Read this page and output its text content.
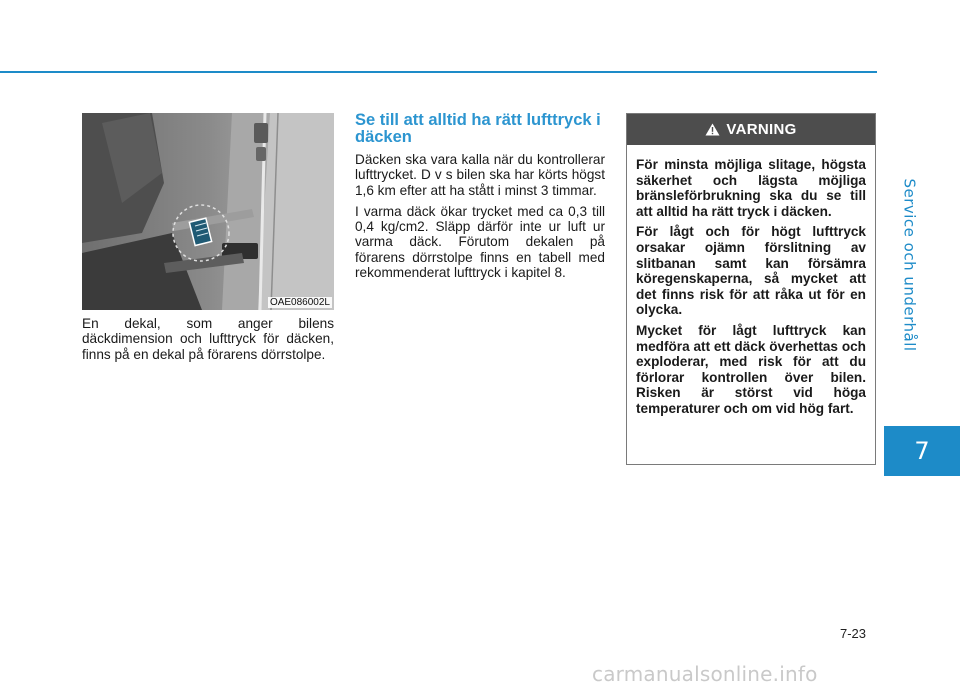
Service och underhåll
7
OAE086002L

En dekal, som anger bilens däckdimension och lufttryck för däcken, finns på en dekal på förarens dörrstolpe.

Se till att alltid ha rätt lufttryck i däcken

Däcken ska vara kalla när du kontrollerar lufttrycket. D v s bilen ska har körts högst 1,6 km efter att ha stått i minst 3 timmar.

I varma däck ökar trycket med ca 0,3 till 0,4 kg/cm2. Släpp därför inte ur luft ur varma däck. Förutom dekalen på förarens dörrstolpe finns en tabell med rekommenderat lufttryck i kapitel 8.

VARNING

För minsta möjliga slitage, högsta säkerhet och lägsta möjliga bränsleförbrukning ska du se till att alltid ha rätt tryck i däcken.

För lågt och för högt lufttryck orsakar ojämn förslitning av slitbanan samt kan försämra köregenskaperna, så mycket att det finns risk för att råka ut för en olycka.

Mycket för lågt lufttryck kan medföra att ett däck överhettas och exploderar, med risk för att du förlorar kontrollen över bilen. Risken är störst vid höga temperaturer och om vid hög fart.

7-23
carmanualsonline.info
